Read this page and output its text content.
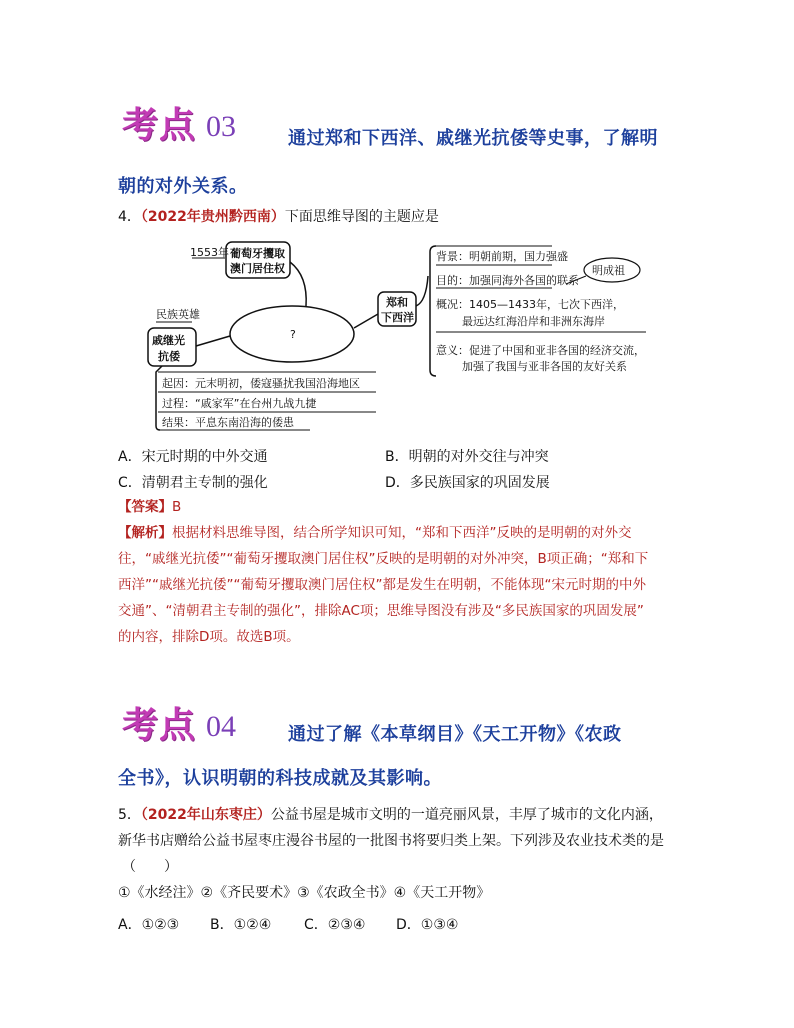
考点 03	通过郑和下西洋、戚继光抗倭等史事，了解明
朝的对外关系。
4．（2022年贵州黔西南）下面思维导图的主题应是
?
1553年 葡萄牙攫取
澳门居住权
郑和
下西洋
背景：明朝前期，国力强盛
目的：加强同海外各国的联系
概况：1405—1433年，七次下西洋，
最远达红海沿岸和非洲东海岸
意义：促进了中国和亚非各国的经济交流，
加强了我国与亚非各国的友好关系
明成祖
民族英雄
戚继光
抗倭
起因：元末明初，倭寇骚扰我国沿海地区
过程：“戚家军”在台州九战九捷
结果：平息东南沿海的倭患
A．宋元时期的中外交通	B．明朝的对外交往与冲突
C．清朝君主专制的强化	D．多民族国家的巩固发展
【答案】B
【解析】根据材料思维导图，结合所学知识可知，“郑和下西洋”反映的是明朝的对外交
往，“戚继光抗倭”“葡萄牙攫取澳门居住权”反映的是明朝的对外冲突，B项正确；“郑和下
西洋”“戚继光抗倭”“葡萄牙攫取澳门居住权”都是发生在明朝，不能体现“宋元时期的中外
交通”、“清朝君主专制的强化”，排除AC项；思维导图没有涉及“多民族国家的巩固发展”
的内容，排除D项。故选B项。
考点 04	通过了解《本草纲目》《天工开物》《农政
全书》，认识明朝的科技成就及其影响。
5．（2022年山东枣庄）公益书屋是城市文明的一道亮丽风景，丰厚了城市的文化内涵，
新华书店赠给公益书屋枣庄漫谷书屋的一批图书将要归类上架。下列涉及农业技术类的是
（　　）
①《水经注》②《齐民要术》③《农政全书》④《天工开物》
A．①②③ B．①②④ C．②③④ D．①③④
